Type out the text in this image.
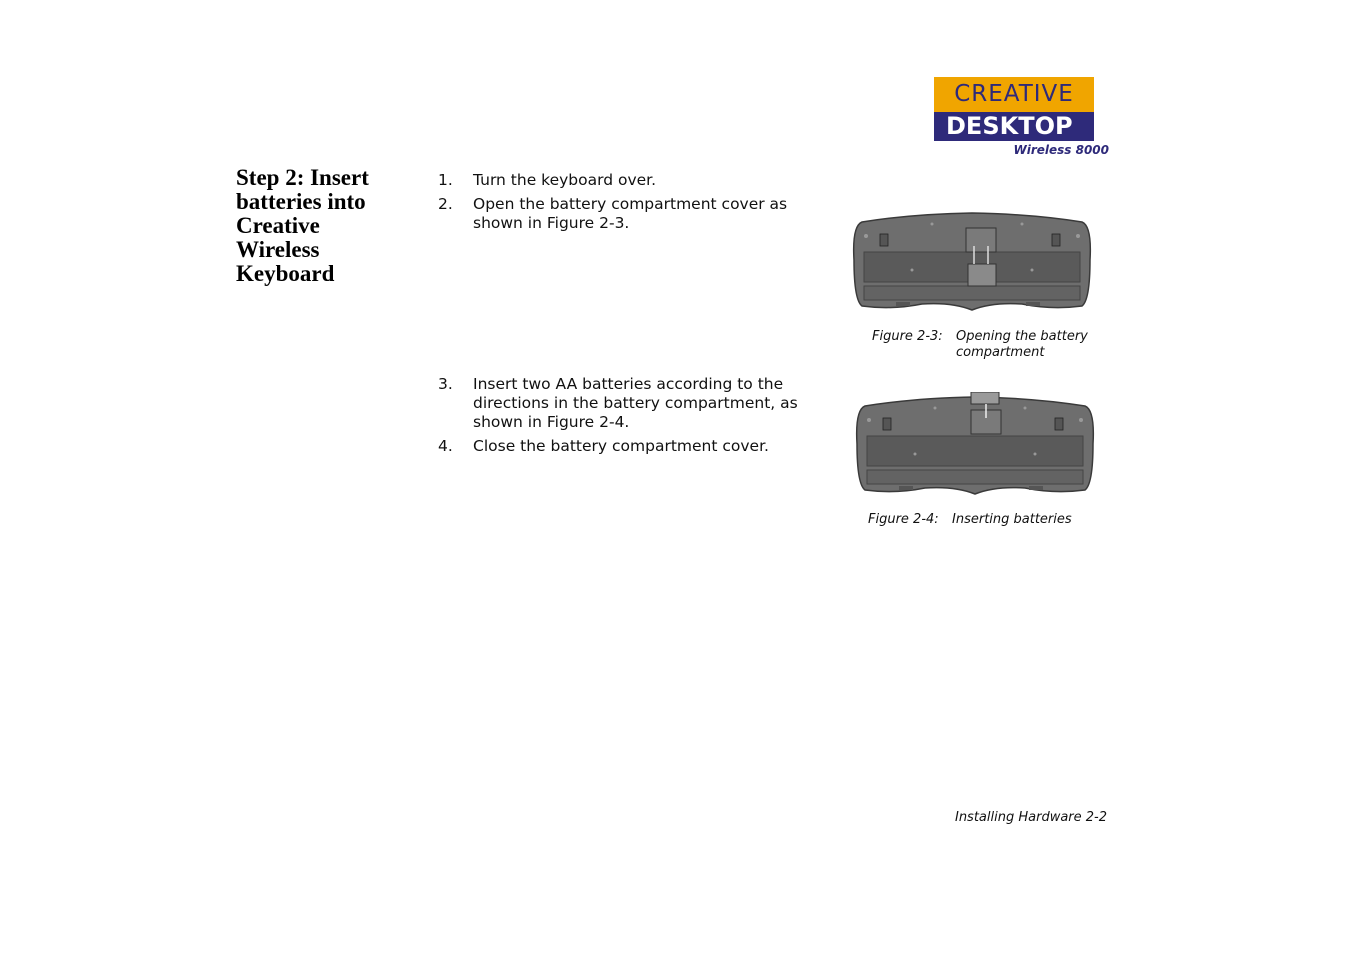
CREATIVE
DESKTOP
Wireless 8000
Step 2: Insert batteries into Creative Wireless Keyboard
1.	Turn the keyboard over.
2.	Open the battery compartment cover as shown in Figure 2-3.
Figure 2-3:	Opening the battery compartment
3.	Insert two AA batteries according to the directions in the battery compartment, as shown in Figure 2-4.
4.	Close the battery compartment cover.
Figure 2-4:	Inserting batteries
Installing Hardware 2-2
